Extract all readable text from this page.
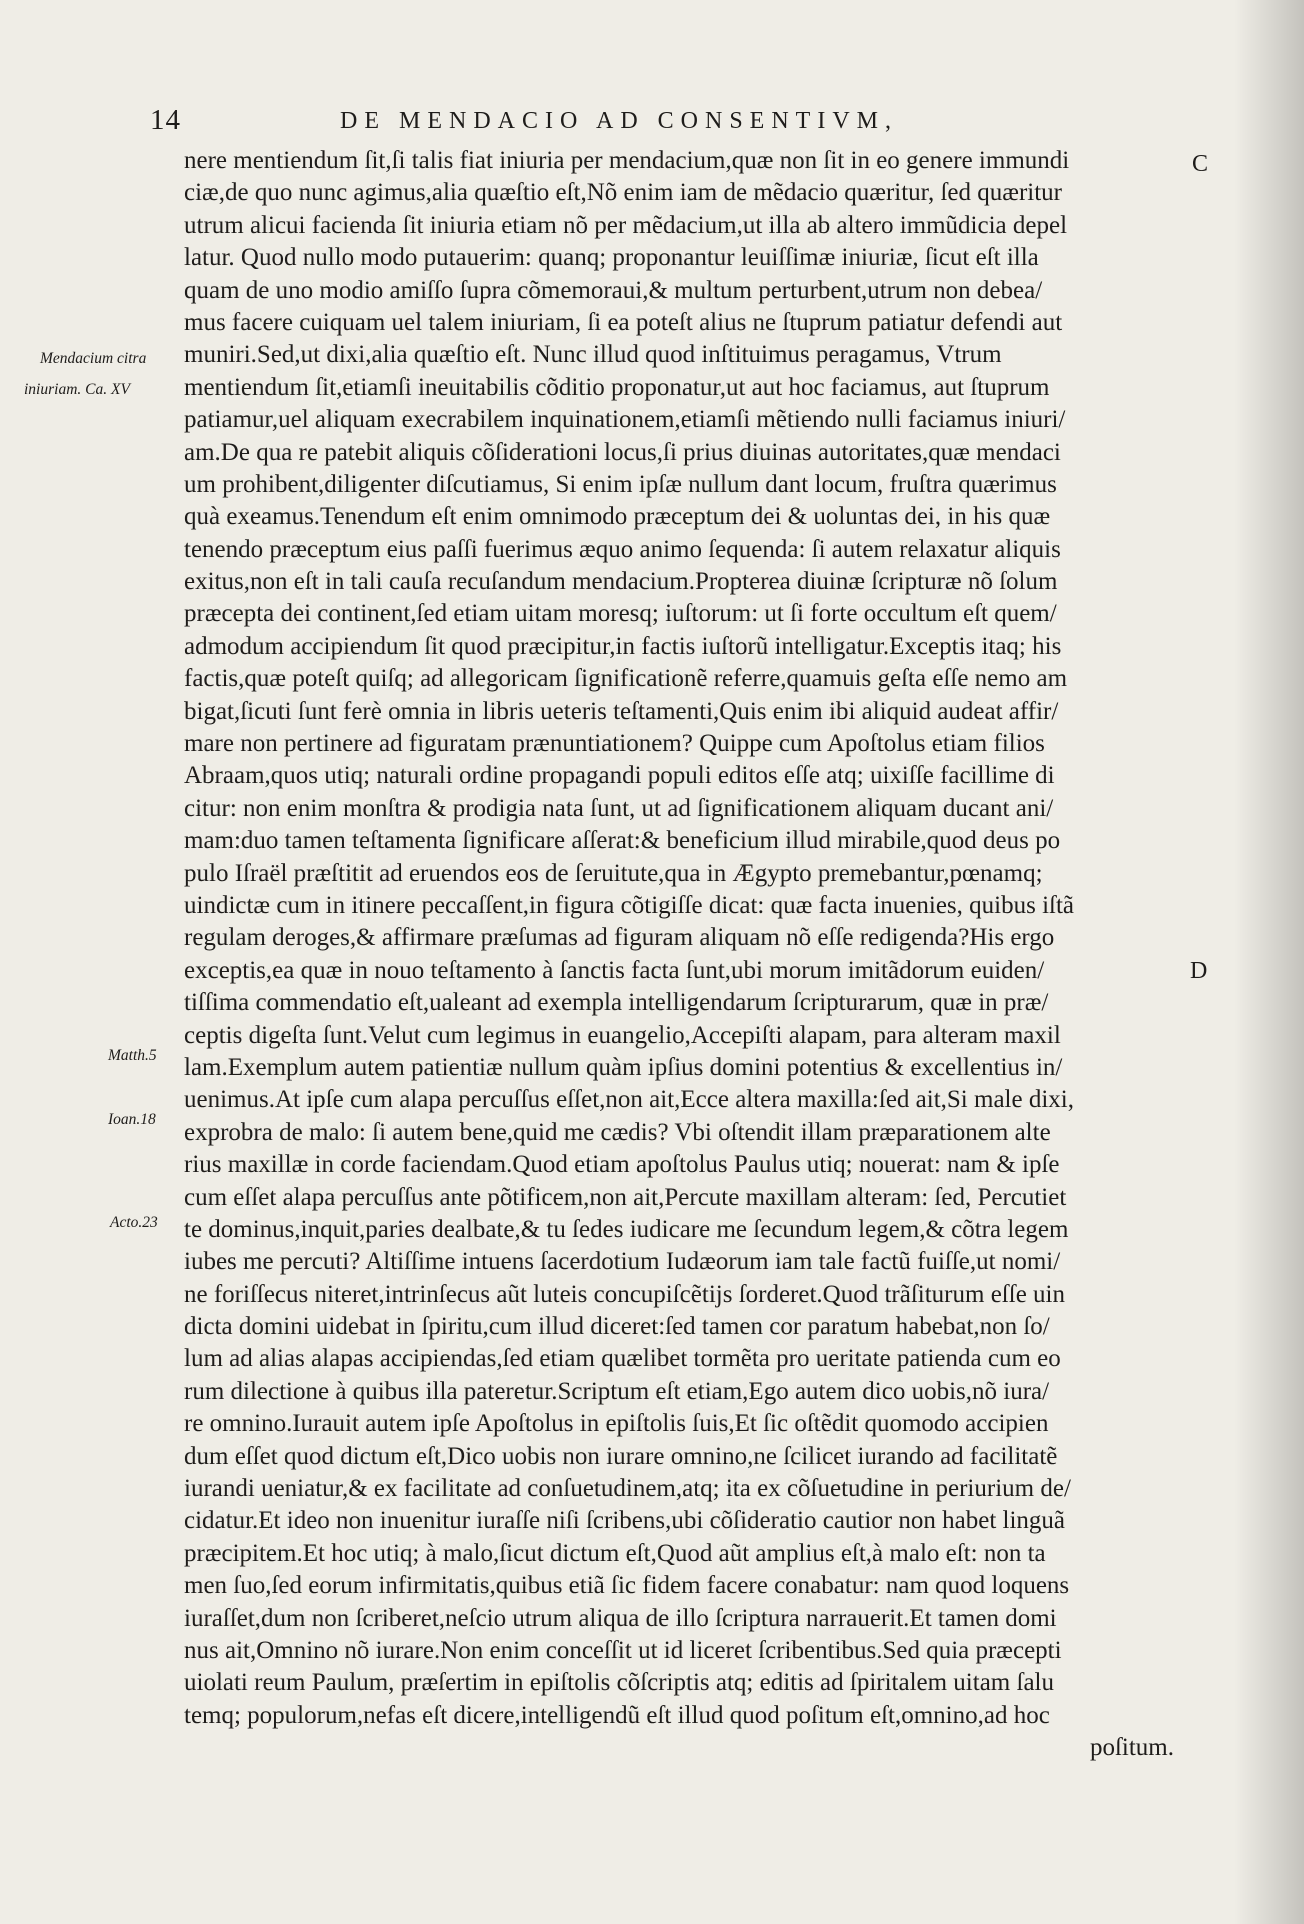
14	DE MENDACIO AD CONSENTIVM,
C
D
Mendacium citra
iniuriam. Ca. XV
Matth.5
Ioan.18
Acto.23
nere mentiendum ſit,ſi talis fiat iniuria per mendacium,quæ non ſit in eo genere immundi
ciæ,de quo nunc agimus,alia quæſtio eſt,Nõ enim iam de mẽdacio quæritur, ſed quæritur
utrum alicui facienda ſit iniuria etiam nõ per mẽdacium,ut illa ab altero immũdicia depel
latur. Quod nullo modo putauerim: quanq; proponantur leuiſſimæ iniuriæ, ſicut eſt illa
quam de uno modio amiſſo ſupra cõmemoraui,& multum perturbent,utrum non debea/
mus facere cuiquam uel talem iniuriam, ſi ea poteſt alius ne ſtuprum patiatur defendi aut
muniri.Sed,ut dixi,alia quæſtio eſt. Nunc illud quod inſtituimus peragamus, Vtrum
mentiendum ſit,etiamſi ineuitabilis cõditio proponatur,ut aut hoc faciamus, aut ſtuprum
patiamur,uel aliquam execrabilem inquinationem,etiamſi mẽtiendo nulli faciamus iniuri/
am.De qua re patebit aliquis cõſiderationi locus,ſi prius diuinas autoritates,quæ mendaci
um prohibent,diligenter diſcutiamus, Si enim ipſæ nullum dant locum, fruſtra quærimus
quà exeamus.Tenendum eſt enim omnimodo præceptum dei & uoluntas dei, in his quæ
tenendo præceptum eius paſſi fuerimus æquo animo ſequenda: ſi autem relaxatur aliquis
exitus,non eſt in tali cauſa recuſandum mendacium.Propterea diuinæ ſcripturæ nõ ſolum
præcepta dei continent,ſed etiam uitam moresq; iuſtorum: ut ſi forte occultum eſt quem/
admodum accipiendum ſit quod præcipitur,in factis iuſtorũ intelligatur.Exceptis itaq; his
factis,quæ poteſt quiſq; ad allegoricam ſignificationẽ referre,quamuis geſta eſſe nemo am
bigat,ſicuti ſunt ferè omnia in libris ueteris teſtamenti,Quis enim ibi aliquid audeat affir/
mare non pertinere ad figuratam prænuntiationem? Quippe cum Apoſtolus etiam filios
Abraam,quos utiq; naturali ordine propagandi populi editos eſſe atq; uixiſſe facillime di
citur: non enim monſtra & prodigia nata ſunt, ut ad ſignificationem aliquam ducant ani/
mam:duo tamen teſtamenta ſignificare aſſerat:& beneficium illud mirabile,quod deus po
pulo Iſraël præſtitit ad eruendos eos de ſeruitute,qua in Ægypto premebantur,pœnamq;
uindictæ cum in itinere peccaſſent,in figura cõtigiſſe dicat: quæ facta inuenies, quibus iſtã
regulam deroges,& affirmare præſumas ad figuram aliquam nõ eſſe redigenda?His ergo
exceptis,ea quæ in nouo teſtamento à ſanctis facta ſunt,ubi morum imitãdorum euiden/
tiſſima commendatio eſt,ualeant ad exempla intelligendarum ſcripturarum, quæ in præ/
ceptis digeſta ſunt.Velut cum legimus in euangelio,Accepiſti alapam, para alteram maxil
lam.Exemplum autem patientiæ nullum quàm ipſius domini potentius & excellentius in/
uenimus.At ipſe cum alapa percuſſus eſſet,non ait,Ecce altera maxilla:ſed ait,Si male dixi,
exprobra de malo: ſi autem bene,quid me cædis? Vbi oſtendit illam præparationem alte
rius maxillæ in corde faciendam.Quod etiam apoſtolus Paulus utiq; nouerat: nam & ipſe
cum eſſet alapa percuſſus ante põtificem,non ait,Percute maxillam alteram: ſed, Percutiet
te dominus,inquit,paries dealbate,& tu ſedes iudicare me ſecundum legem,& cõtra legem
iubes me percuti? Altiſſime intuens ſacerdotium Iudæorum iam tale factũ fuiſſe,ut nomi/
ne foriſſecus niteret,intrinſecus aũt luteis concupiſcẽtijs ſorderet.Quod trãſiturum eſſe uin
dicta domini uidebat in ſpiritu,cum illud diceret:ſed tamen cor paratum habebat,non ſo/
lum ad alias alapas accipiendas,ſed etiam quælibet tormẽta pro ueritate patienda cum eo
rum dilectione à quibus illa pateretur.Scriptum eſt etiam,Ego autem dico uobis,nõ iura/
re omnino.Iurauit autem ipſe Apoſtolus in epiſtolis ſuis,Et ſic oſtẽdit quomodo accipien
dum eſſet quod dictum eſt,Dico uobis non iurare omnino,ne ſcilicet iurando ad facilitatẽ
iurandi ueniatur,& ex facilitate ad conſuetudinem,atq; ita ex cõſuetudine in periurium de/
cidatur.Et ideo non inuenitur iuraſſe niſi ſcribens,ubi cõſideratio cautior non habet linguã
præcipitem.Et hoc utiq; à malo,ſicut dictum eſt,Quod aũt amplius eſt,à malo eſt: non ta
men ſuo,ſed eorum infirmitatis,quibus etiã ſic fidem facere conabatur: nam quod loquens
iuraſſet,dum non ſcriberet,neſcio utrum aliqua de illo ſcriptura narrauerit.Et tamen domi
nus ait,Omnino nõ iurare.Non enim conceſſit ut id liceret ſcribentibus.Sed quia præcepti
uiolati reum Paulum, præſertim in epiſtolis cõſcriptis atq; editis ad ſpiritalem uitam ſalu
temq; populorum,nefas eſt dicere,intelligendũ eſt illud quod poſitum eſt,omnino,ad hoc
poſitum.
